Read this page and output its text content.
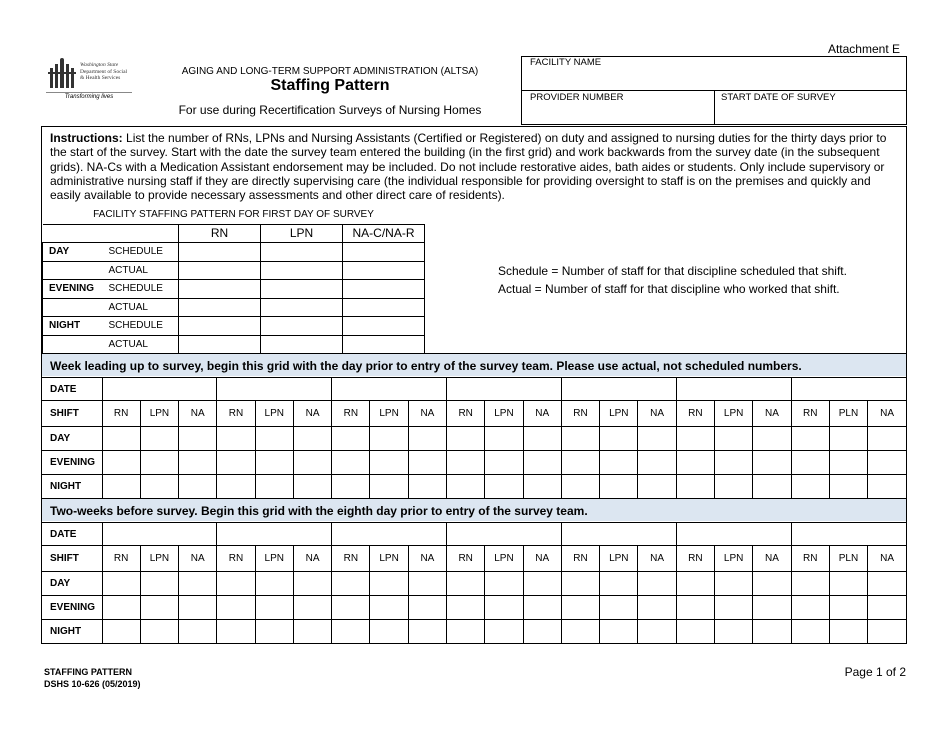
Attachment E
Washington State
Department of Social
& Health Services
Transforming lives
AGING AND LONG-TERM SUPPORT ADMINISTRATION (ALTSA)
Staffing Pattern
For use during Recertification Surveys of Nursing Homes
FACILITY NAME
PROVIDER NUMBER	START DATE OF SURVEY
Instructions: List the number of RNs, LPNs and Nursing Assistants (Certified or Registered) on duty and assigned to nursing duties for the thirty days prior to the start of the survey. Start with the date the survey team entered the building (in the first grid) and work backwards from the survey date (in the subsequent grids). NA-Cs with a Medication Assistant endorsement may be included. Do not include restorative aides, bath aides or students. Only include supervisory or administrative nursing staff if they are directly supervising care (the individual responsible for providing oversight to staff is on the premises and quickly and easily available to provide necessary assessments and other direct care of residents).
FACILITY STAFFING PATTERN FOR FIRST DAY OF SURVEY				
		RN	LPN	NA-C/NA-R
DAY	SCHEDULE			
	ACTUAL			
EVENING	SCHEDULE			
	ACTUAL			
NIGHT	SCHEDULE			
	ACTUAL			
Schedule = Number of staff for that discipline scheduled that shift.
Actual = Number of staff for that discipline who worked that shift.
Week leading up to survey, begin this grid with the day prior to entry of the survey team. Please use actual, not scheduled numbers.
DATE																					
SHIFT	RN	LPN	NA	RN	LPN	NA	RN	LPN	NA	RN	LPN	NA	RN	LPN	NA	RN	LPN	NA	RN	PLN	NA
DAY																					
EVENING																					
NIGHT																					
Two-weeks before survey. Begin this grid with the eighth day prior to entry of the survey team.
DATE																					
SHIFT	RN	LPN	NA	RN	LPN	NA	RN	LPN	NA	RN	LPN	NA	RN	LPN	NA	RN	LPN	NA	RN	PLN	NA
DAY																					
EVENING																					
NIGHT																					
STAFFING PATTERN
DSHS 10-626 (05/2019)
Page 1 of 2
